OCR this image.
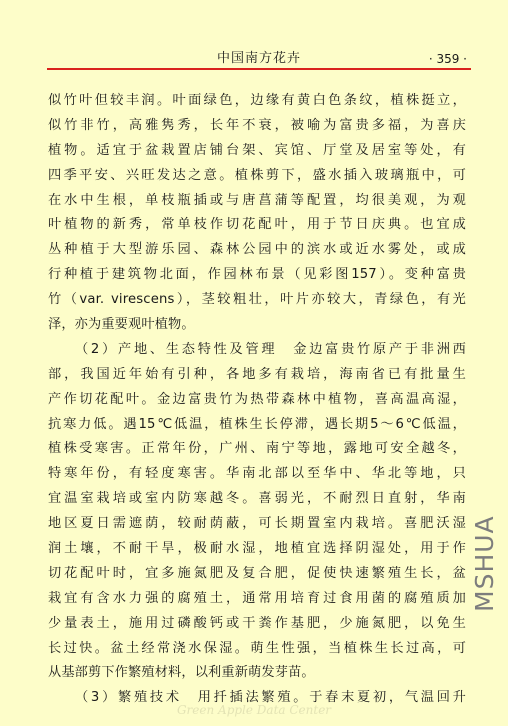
中国南方花卉	· 359 ·
似竹叶但较丰润。叶面绿色，边缘有黄白色条纹，植株挺立，
似竹非竹，高雅隽秀，长年不衰，被喻为富贵多福，为喜庆
植物。适宜于盆栽置店铺台架、宾馆、厅堂及居室等处，有
四季平安、兴旺发达之意。植株剪下，盛水插入玻璃瓶中，可
在水中生根，单枝瓶插或与唐菖蒲等配置，均很美观，为观
叶植物的新秀，常单枝作切花配叶，用于节日庆典。也宜成
丛种植于大型游乐园、森林公园中的滨水或近水雾处，或成
行种植于建筑物北面，作园林布景（见彩图157）。变种富贵
竹（var. virescens），茎较粗壮，叶片亦较大，青绿色，有光
泽，亦为重要观叶植物。
（2）产地、生态特性及管理　金边富贵竹原产于非洲西
部，我国近年始有引种，各地多有栽培，海南省已有批量生
产作切花配叶。金边富贵竹为热带森林中植物，喜高温高湿，
抗寒力低。遇15℃低温，植株生长停滞，遇长期5～6℃低温，
植株受寒害。正常年份，广州、南宁等地，露地可安全越冬，
特寒年份，有轻度寒害。华南北部以至华中、华北等地，只
宜温室栽培或室内防寒越冬。喜弱光，不耐烈日直射，华南
地区夏日需遮荫，较耐荫蔽，可长期置室内栽培。喜肥沃湿
润土壤，不耐干旱，极耐水湿，地植宜选择阴湿处，用于作
切花配叶时，宜多施氮肥及复合肥，促使快速繁殖生长，盆
栽宜有含水力强的腐殖土，通常用培育过食用菌的腐殖质加
少量表土，施用过磷酸钙或干粪作基肥，少施氮肥，以免生
长过快。盆土经常浇水保湿。萌生性强，当植株生长过高，可
从基部剪下作繁殖材料，以利重新萌发芽苗。
（3）繁殖技术　用扦插法繁殖。于春末夏初，气温回升
MSHUA
Green Apple Data Center
